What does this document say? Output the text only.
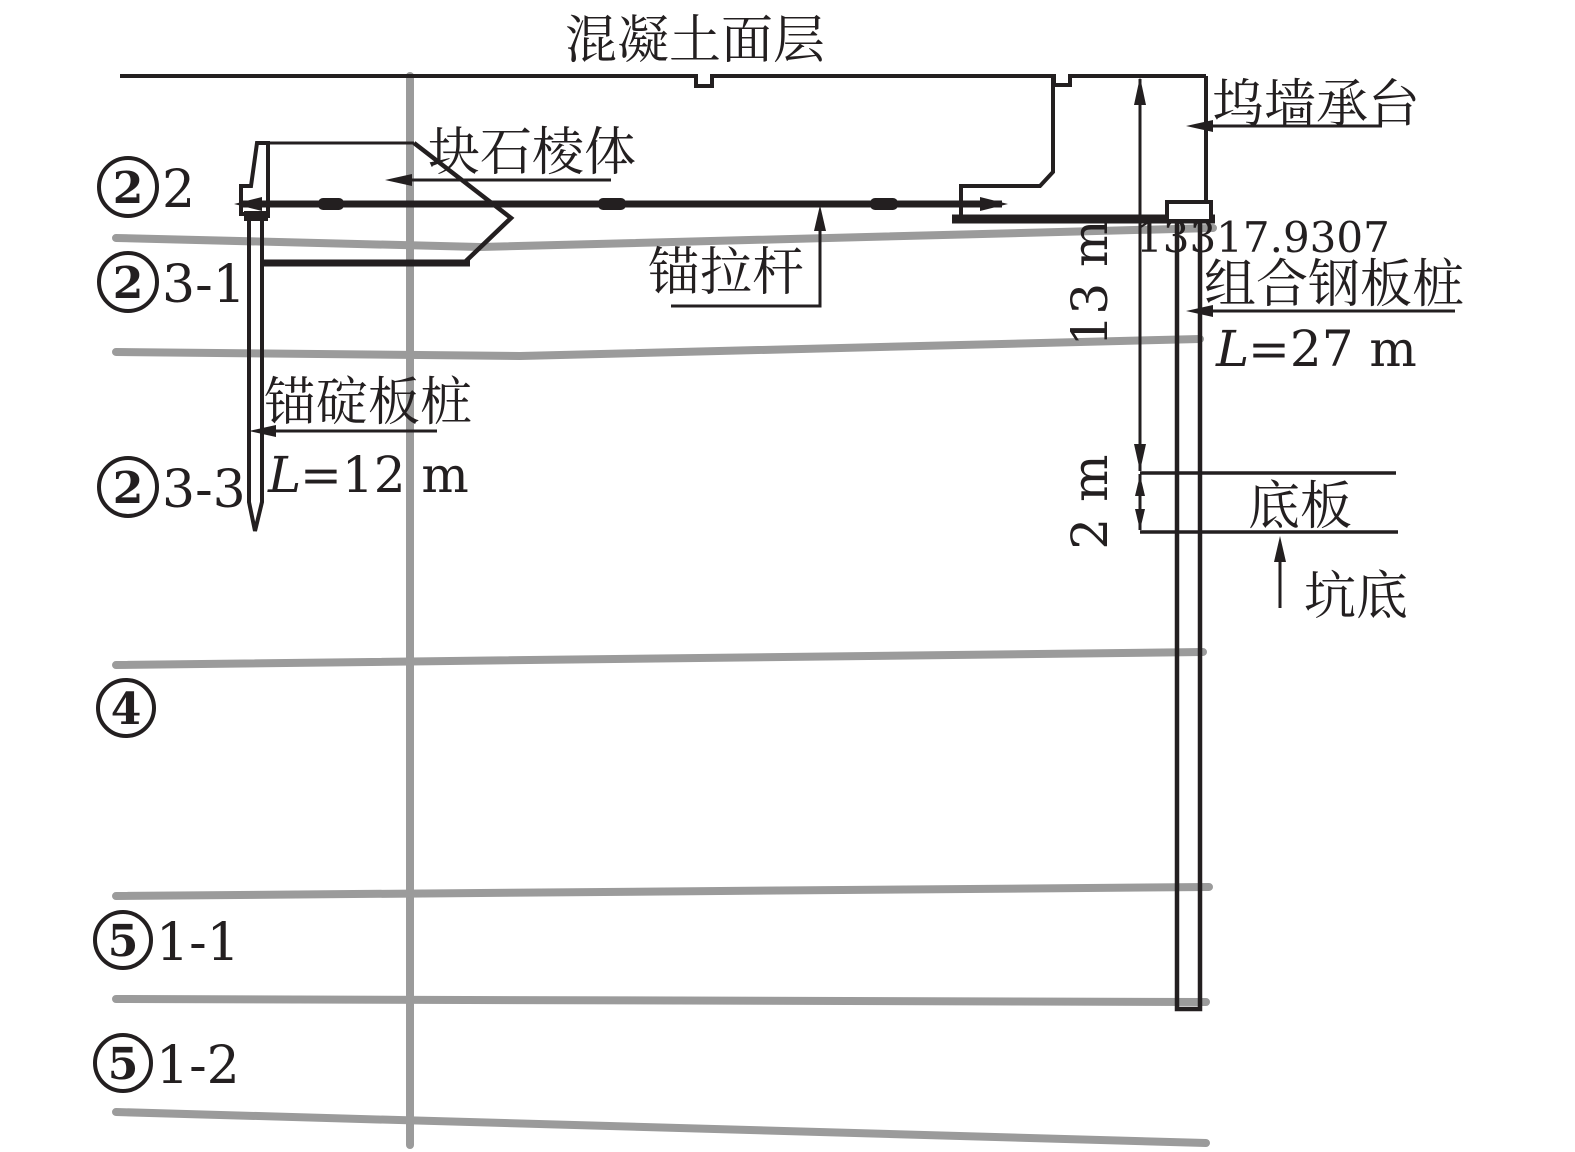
混凝土面层
坞墙承台
块石棱体
锚拉杆
13317.9307
组合钢板桩
L
=27 m
锚碇板桩
L
=12 m
底板
坑底
13 m
2 m
2 2
2 3-1
2 3-3
4
5 1-1
5 1-2
